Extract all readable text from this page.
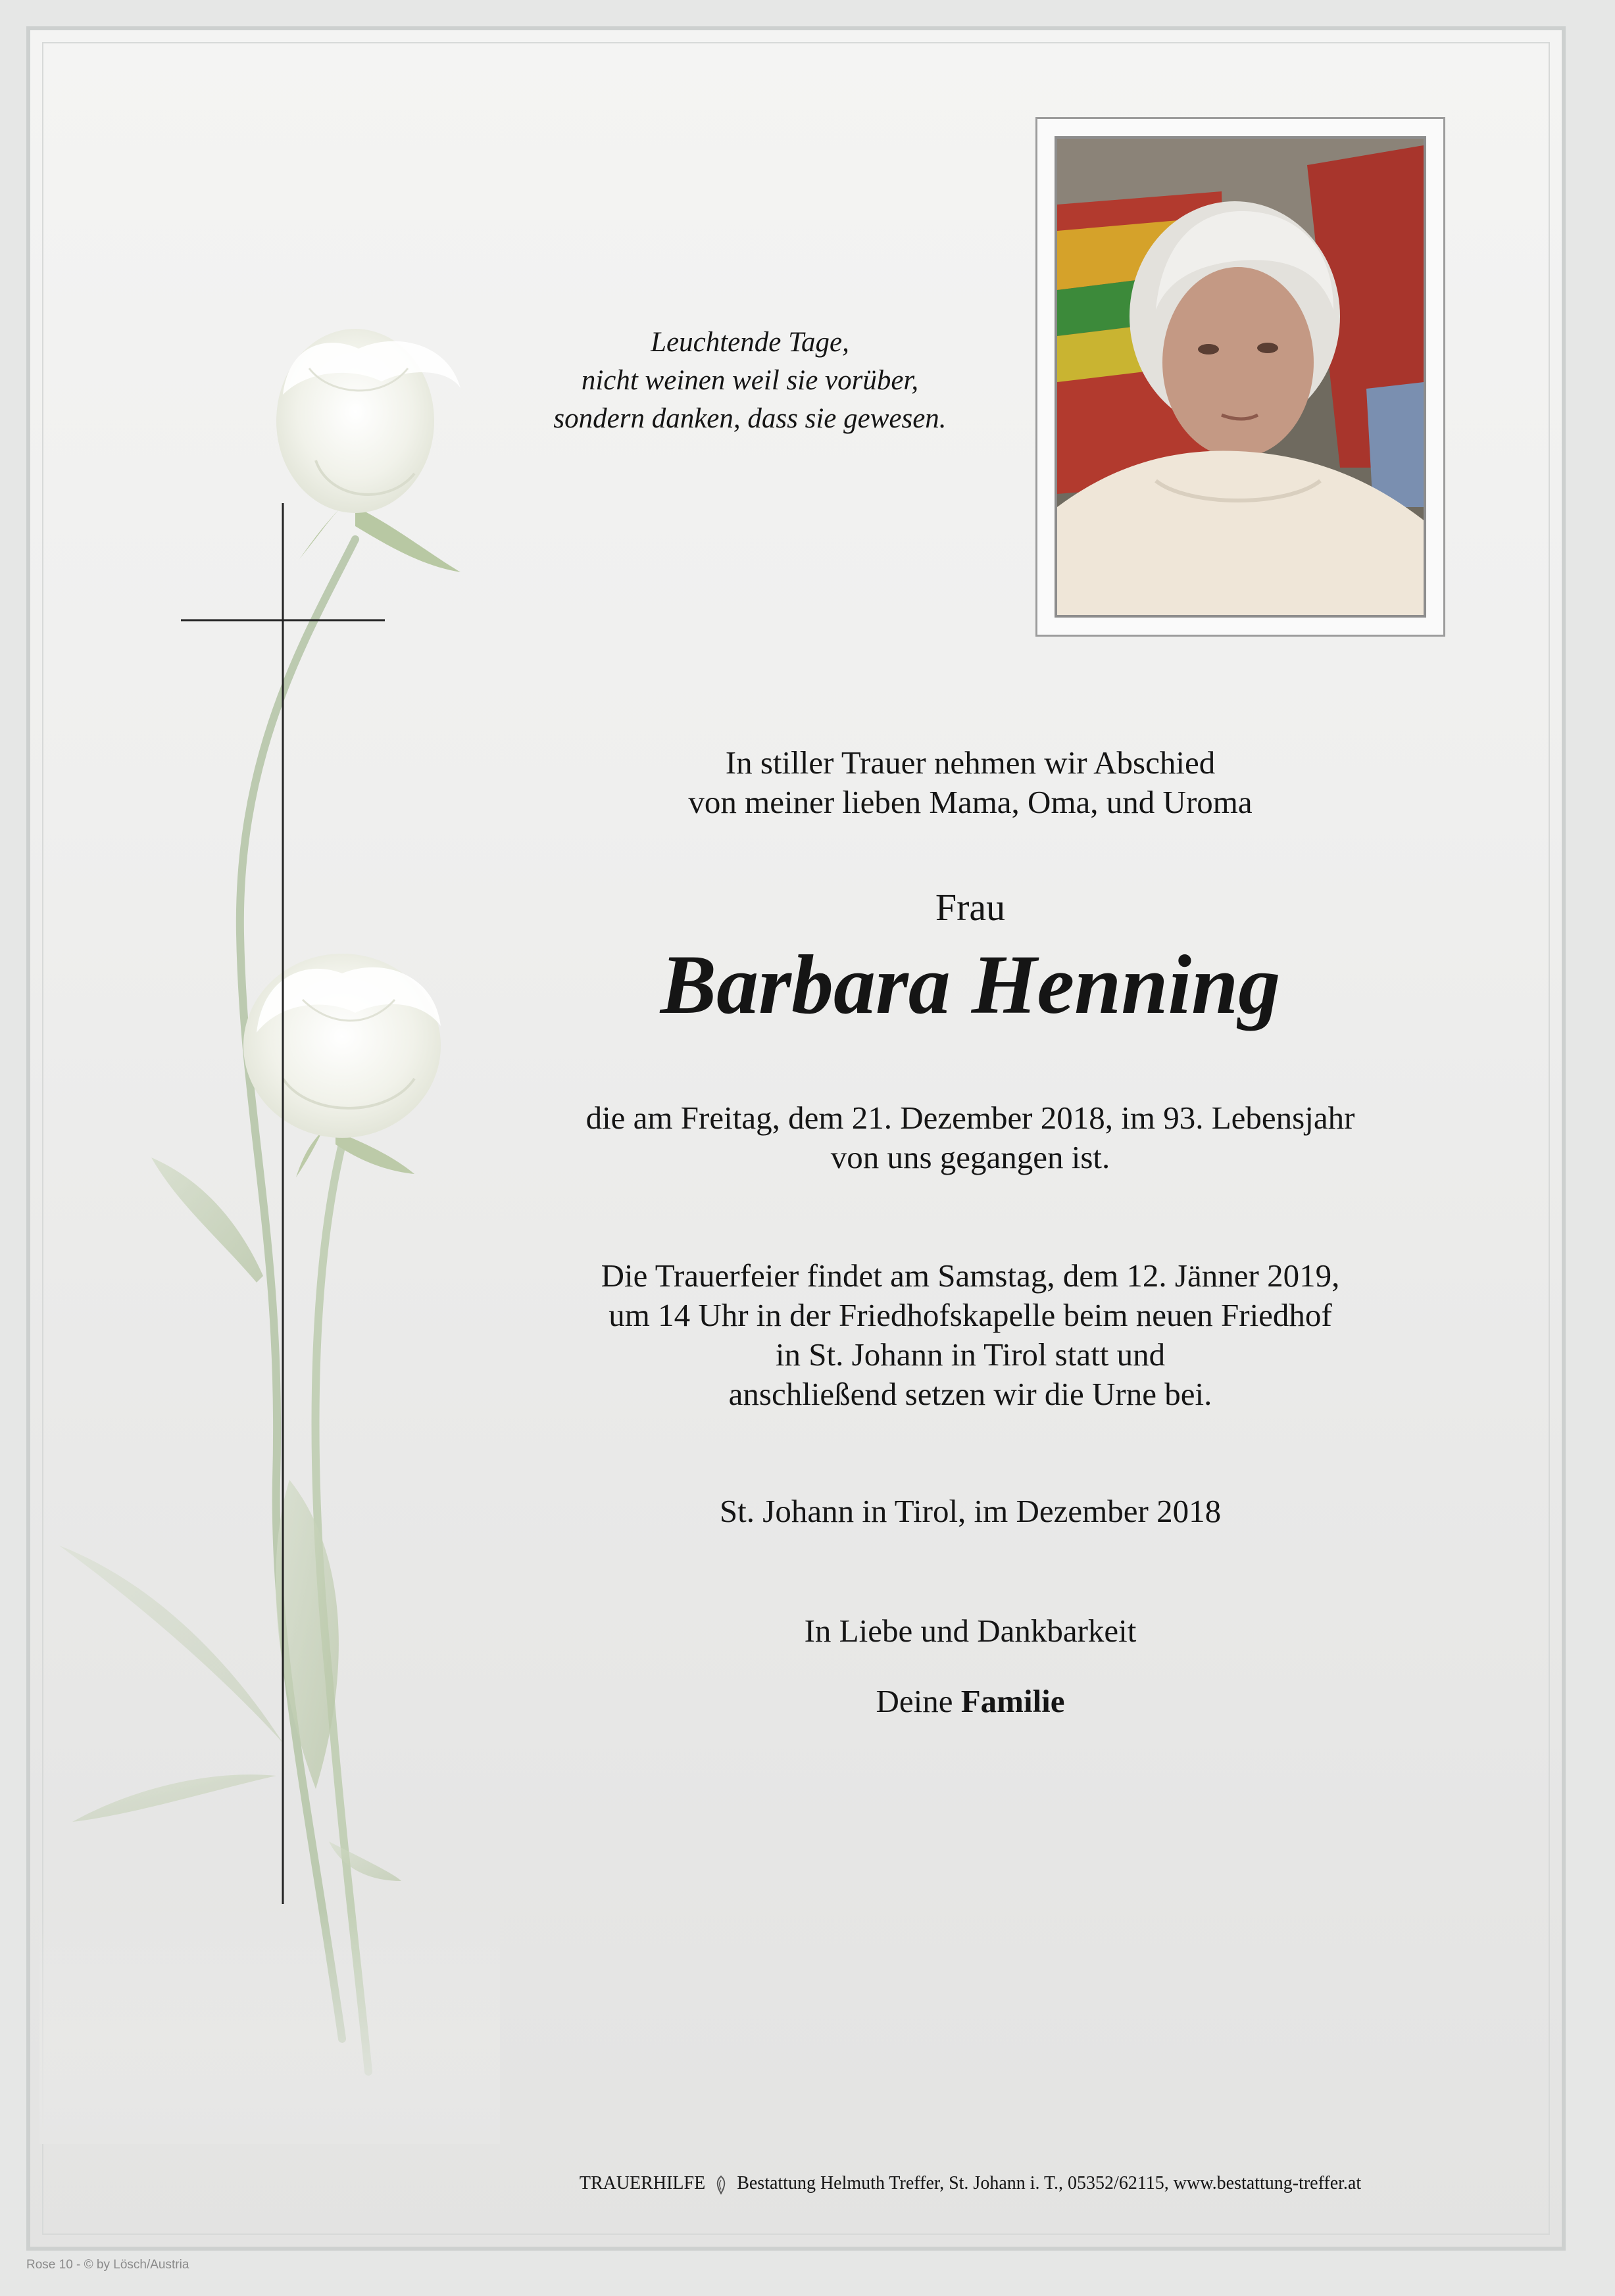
Leuchtende Tage,
nicht weinen weil sie vorüber,
sondern danken, dass sie gewesen.
In stiller Trauer nehmen wir Abschied
von meiner lieben Mama, Oma, und Uroma
Frau
Barbara Henning
die am Freitag, dem 21. Dezember 2018, im 93. Lebensjahr
von uns gegangen ist.
Die Trauerfeier findet am Samstag, dem 12. Jänner 2019,
um 14 Uhr in der Friedhofskapelle beim neuen Friedhof
in St. Johann in Tirol statt und
anschließend setzen wir die Urne bei.
St. Johann in Tirol, im Dezember 2018
In Liebe und Dankbarkeit
Deine Familie
TRAUERHILFE Bestattung Helmuth Treffer, St. Johann i. T., 05352/62115, www.bestattung-treffer.at
Rose 10 - © by Lösch/Austria
